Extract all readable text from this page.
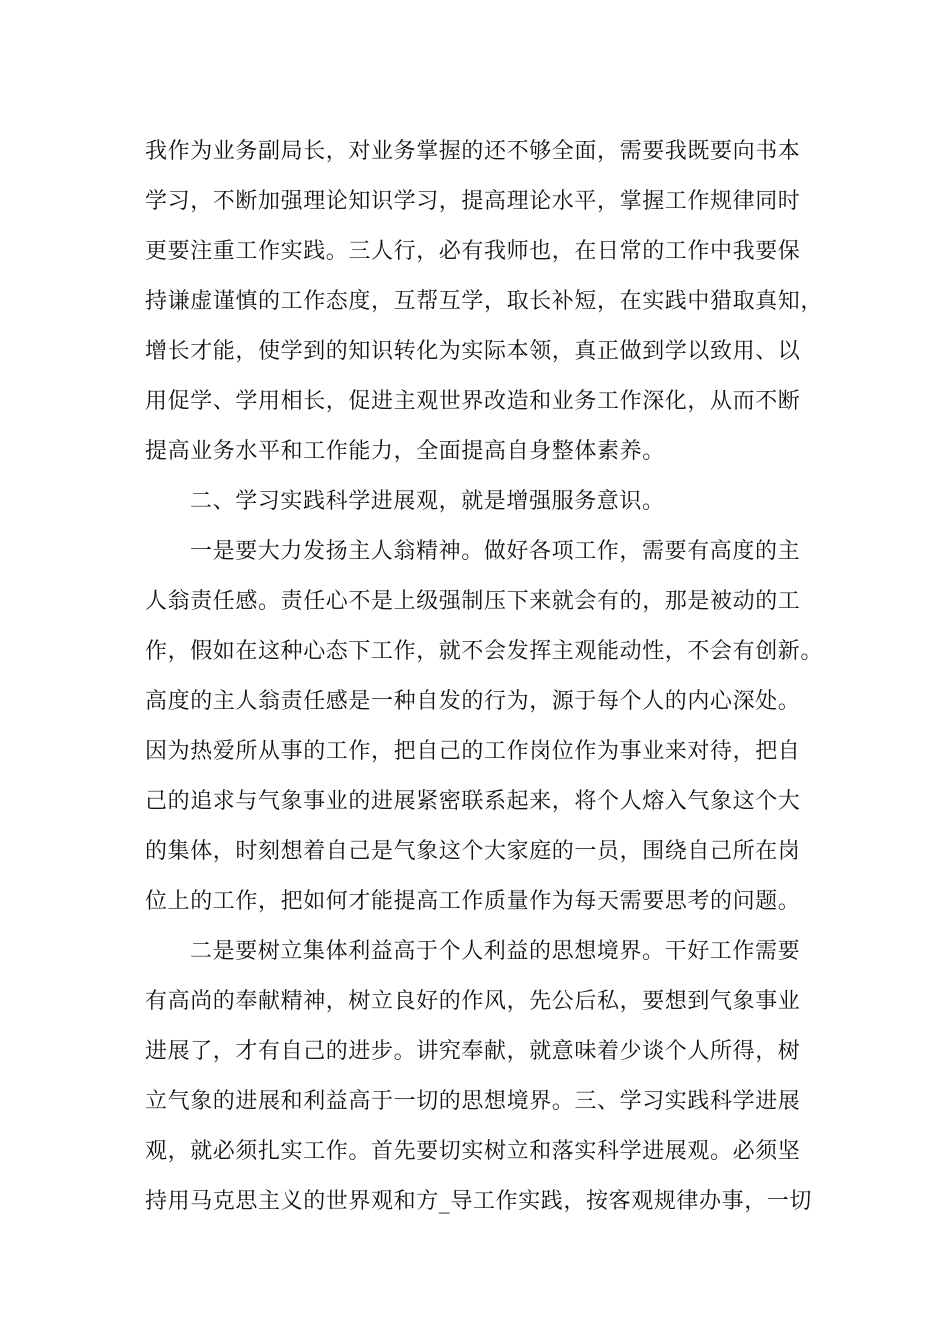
我作为业务副局长，对业务掌握的还不够全面，需要我既要向书本
学习，不断加强理论知识学习，提高理论水平，掌握工作规律同时
更要注重工作实践。三人行，必有我师也，在日常的工作中我要保
持谦虚谨慎的工作态度，互帮互学，取长补短，在实践中猎取真知，
增长才能，使学到的知识转化为实际本领，真正做到学以致用、以
用促学、学用相长，促进主观世界改造和业务工作深化，从而不断
提高业务水平和工作能力，全面提高自身整体素养。
二、学习实践科学进展观，就是增强服务意识。
一是要大力发扬主人翁精神。做好各项工作，需要有高度的主
人翁责任感。责任心不是上级强制压下来就会有的，那是被动的工
作，假如在这种心态下工作，就不会发挥主观能动性，不会有创新。
高度的主人翁责任感是一种自发的行为，源于每个人的内心深处。
因为热爱所从事的工作，把自己的工作岗位作为事业来对待，把自
己的追求与气象事业的进展紧密联系起来，将个人熔入气象这个大
的集体，时刻想着自己是气象这个大家庭的一员，围绕自己所在岗
位上的工作，把如何才能提高工作质量作为每天需要思考的问题。
二是要树立集体利益高于个人利益的思想境界。干好工作需要
有高尚的奉献精神，树立良好的作风，先公后私，要想到气象事业
进展了，才有自己的进步。讲究奉献，就意味着少谈个人所得，树
立气象的进展和利益高于一切的思想境界。三、学习实践科学进展
观，就必须扎实工作。首先要切实树立和落实科学进展观。必须坚
持用马克思主义的世界观和方_导工作实践，按客观规律办事，一切
